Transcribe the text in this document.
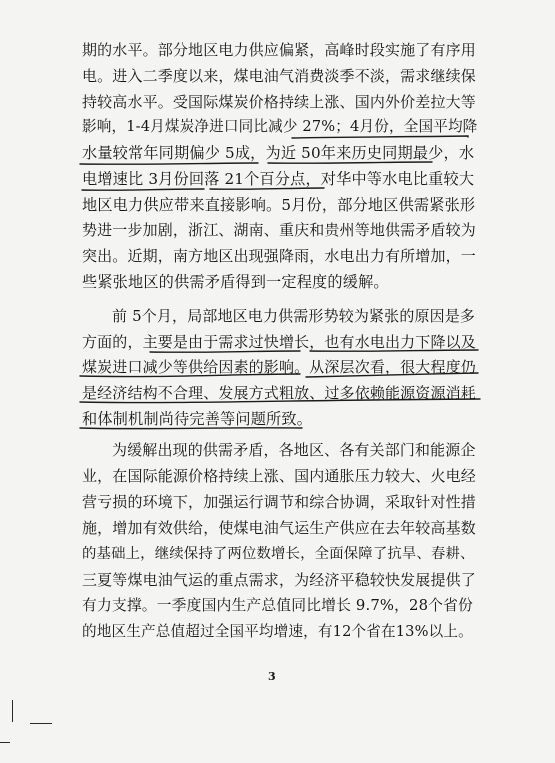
期的水平。部分地区电力供应偏紧，高峰时段实施了有序用
电。进入二季度以来，煤电油气消费淡季不淡，需求继续保
持较高水平。受国际煤炭价格持续上涨、国内外价差拉大等
影响，1-4月煤炭净进口同比减少 27%；4月份，全国平均降
水量较常年同期偏少 5成，为近 50年来历史同期最少，水
电增速比 3月份回落 21个百分点，对华中等水电比重较大
地区电力供应带来直接影响。5月份，部分地区供需紧张形
势进一步加剧，浙江、湖南、重庆和贵州等地供需矛盾较为
突出。近期，南方地区出现强降雨，水电出力有所增加，一
些紧张地区的供需矛盾得到一定程度的缓解。
前 5个月，局部地区电力供需形势较为紧张的原因是多
方面的，主要是由于需求过快增长，也有水电出力下降以及
煤炭进口减少等供给因素的影响。从深层次看，很大程度仍
是经济结构不合理、发展方式粗放、过多依赖能源资源消耗
和体制机制尚待完善等问题所致。
为缓解出现的供需矛盾，各地区、各有关部门和能源企
业，在国际能源价格持续上涨、国内通胀压力较大、火电经
营亏损的环境下，加强运行调节和综合协调，采取针对性措
施，增加有效供给，使煤电油气运生产供应在去年较高基数
的基础上，继续保持了两位数增长，全面保障了抗旱、春耕、
三夏等煤电油气运的重点需求，为经济平稳较快发展提供了
有力支撑。一季度国内生产总值同比增长 9.7%，28个省份
的地区生产总值超过全国平均增速，有12个省在13%以上。
3
